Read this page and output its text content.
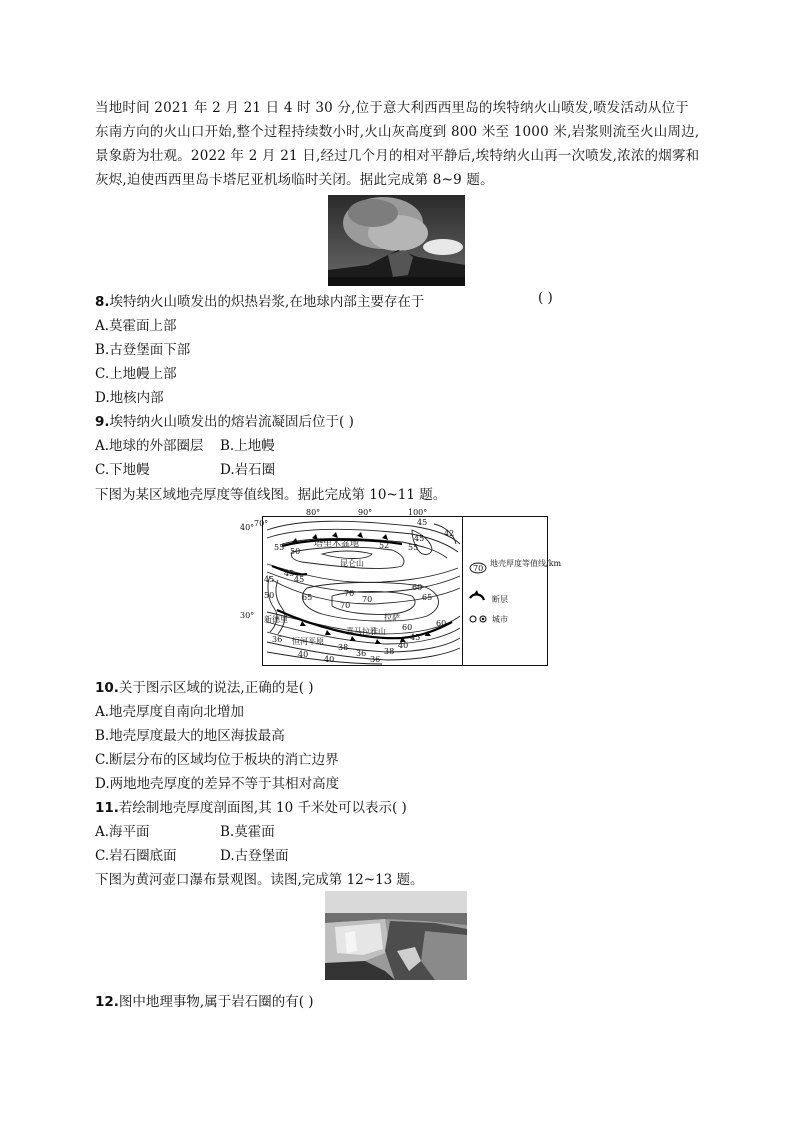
当地时间 2021 年 2 月 21 日 4 时 30 分,位于意大利西西里岛的埃特纳火山喷发,喷发活动从位于东南方向的火山口开始,整个过程持续数小时,火山灰高度到 800 米至 1000 米,岩浆则流至火山周边,景象蔚为壮观。2022 年 2 月 21 日,经过几个月的相对平静后,埃特纳火山再一次喷发,浓浓的烟雾和灰烬,迫使西西里岛卡塔尼亚机场临时关闭。据此完成第 8~9 题。

8.埃特纳火山喷发出的炽热岩浆,在地球内部主要存在于	( )
A.莫霍面上部
B.古登堡面下部
C.上地幔上部
D.地核内部
9.埃特纳火山喷发出的熔岩流凝固后位于( )
A.地球的外部圈层 B.上地幔
C.下地幔	D.岩石圈
下图为某区域地壳厚度等值线图。据此完成第 10~11 题。
70°
80°	90°	100°
40°
30°
塔里木盆地
昆仑山
拉萨
喜马拉雅山
恒河平原
新德里
45
42
45
55 50	55
52
45
45
60
65
70
70
60
60
45
36
40
38
36
36
38
40
40
50
45
65	70
70
地壳厚度等值线/km
断层
城市
10.关于图示区域的说法,正确的是( )
A.地壳厚度自南向北增加
B.地壳厚度最大的地区海拔最高
C.断层分布的区域均位于板块的消亡边界
D.两地地壳厚度的差异不等于其相对高度
11.若绘制地壳厚度剖面图,其 10 千米处可以表示( )
A.海平面	B.莫霍面
C.岩石圈底面	D.古登堡面
下图为黄河壶口瀑布景观图。读图,完成第 12~13 题。
12.图中地理事物,属于岩石圈的有( )
